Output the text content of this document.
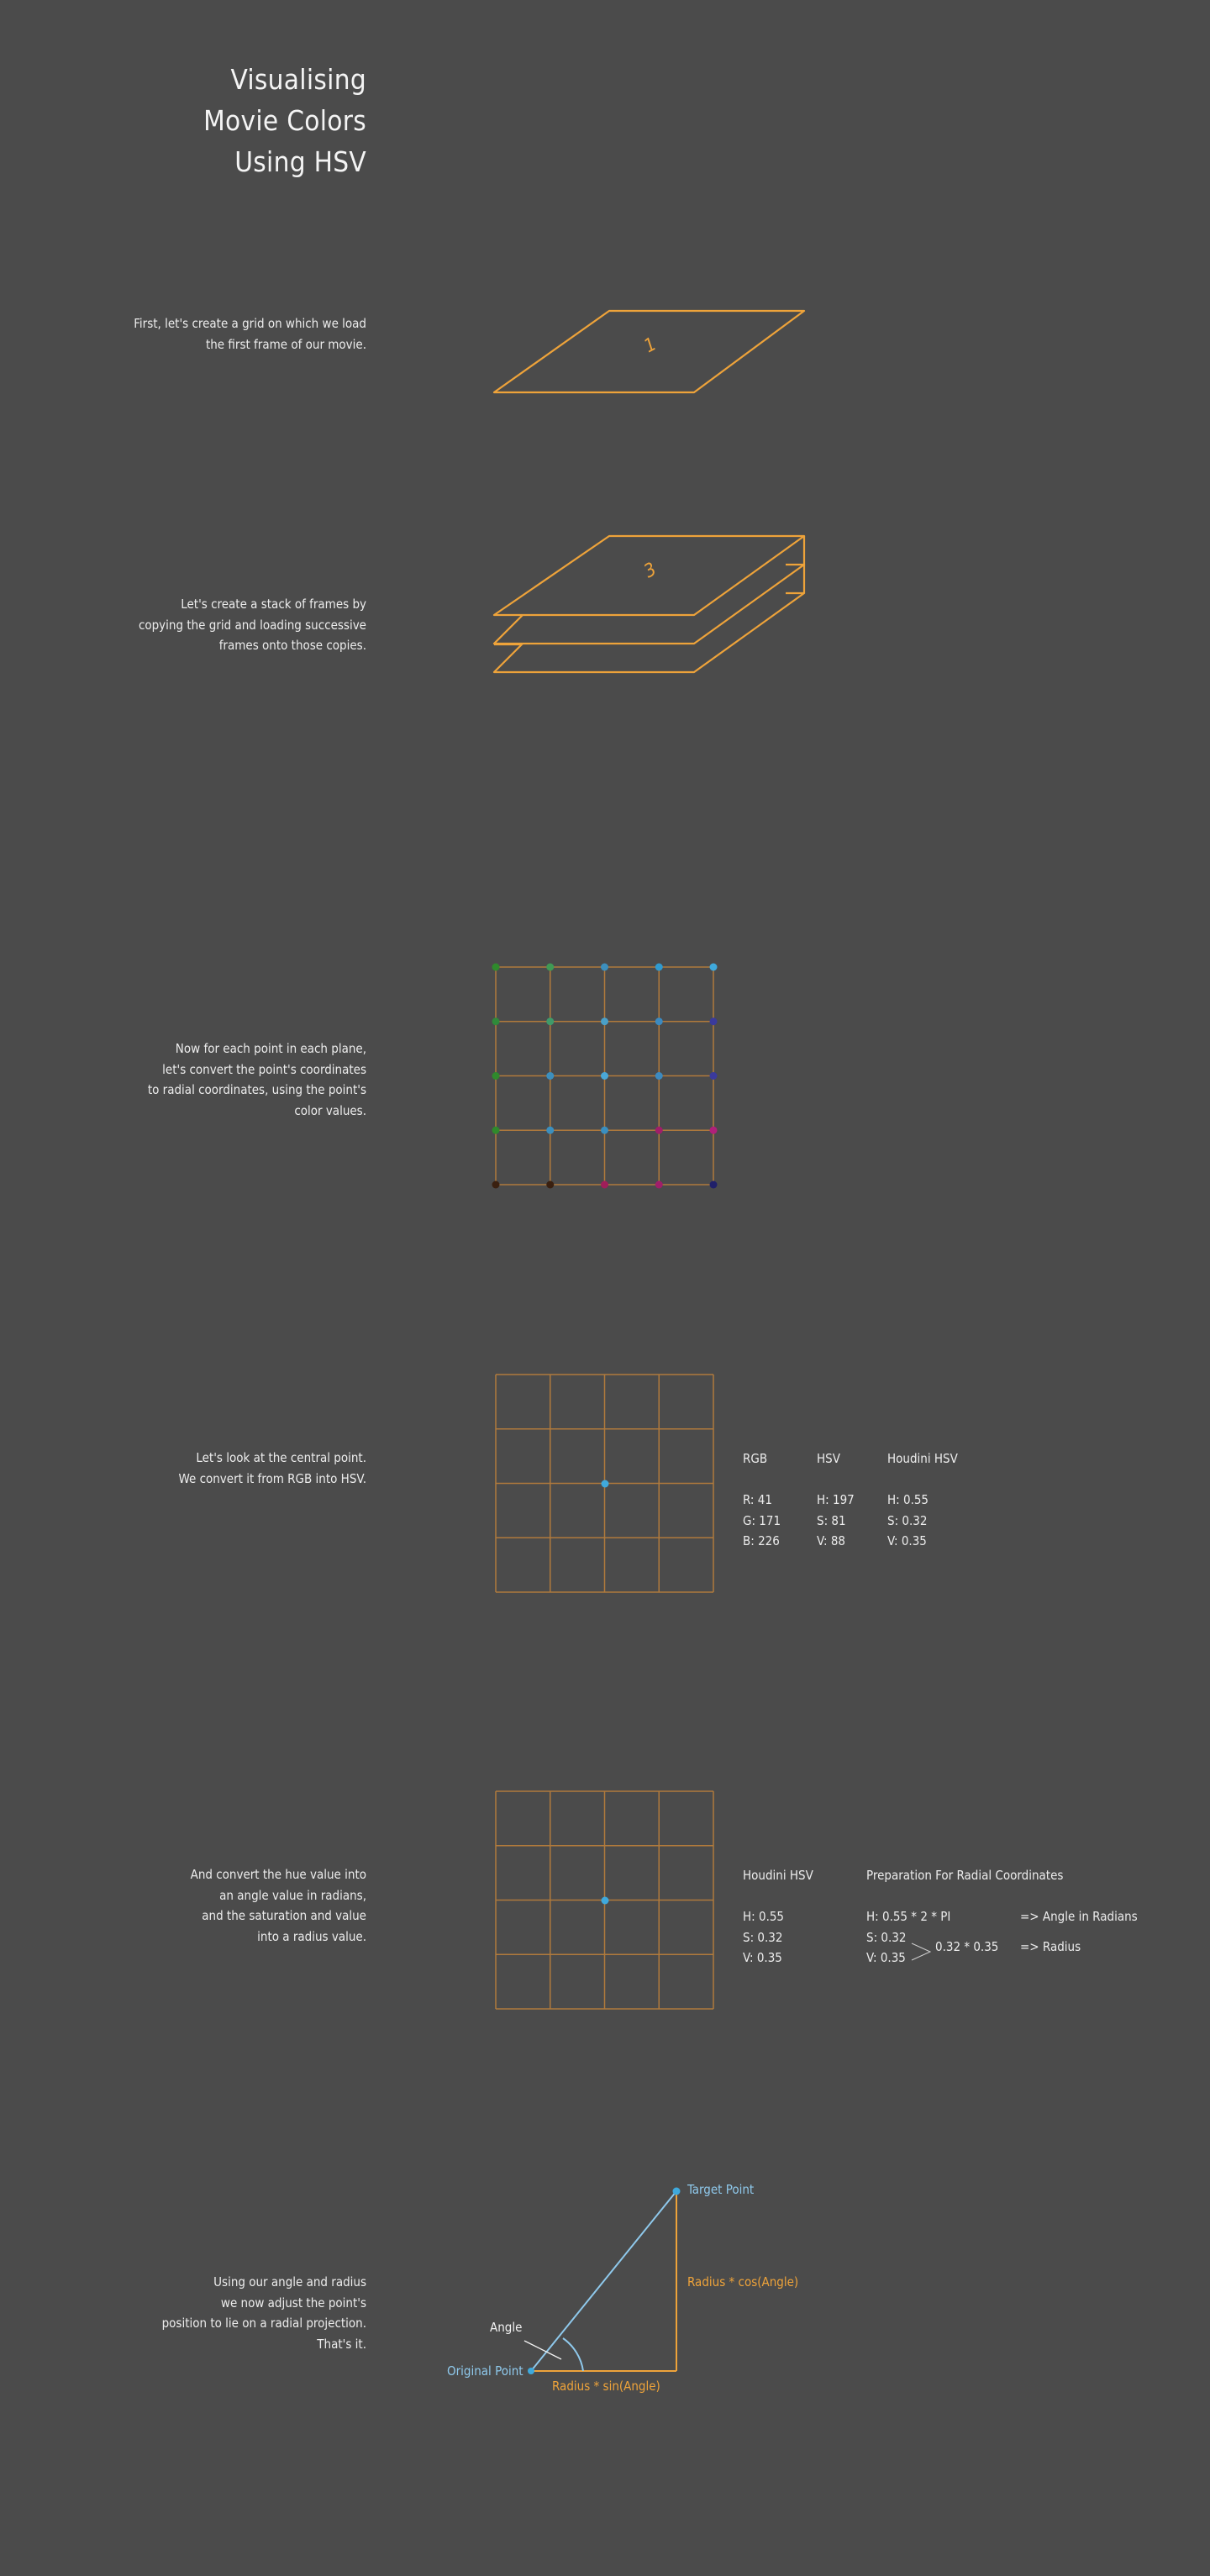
Visualising
Movie Colors
Using HSV
First, let's create a grid on which we load
the first frame of our movie.	1
3
Let's create a stack of frames by
copying the grid and loading successive
frames onto those copies.
Now for each point in each plane,
let's convert the point's coordinates
to radial coordinates, using the point's
color values.
Let's look at the central point.
We convert it from RGB into HSV.
RGB
R: 41
G: 171
B: 226
HSV
H: 197
S: 81
V: 88
Houdini HSV
H: 0.55
S: 0.32
V: 0.35
And convert the hue value into
an angle value in radians,
and the saturation and value
into a radius value.
Houdini HSV
H: 0.55
S: 0.32
V: 0.35
Preparation For Radial Coordinates
H: 0.55 * 2 * PI
S: 0.32
V: 0.35
0.32 * 0.35
=> Angle in Radians
=> Radius
Using our angle and radius
we now adjust the point's
position to lie on a radial projection.
That's it.
Target Point
Radius * cos(Angle)
Angle
Original Point
Radius * sin(Angle)
